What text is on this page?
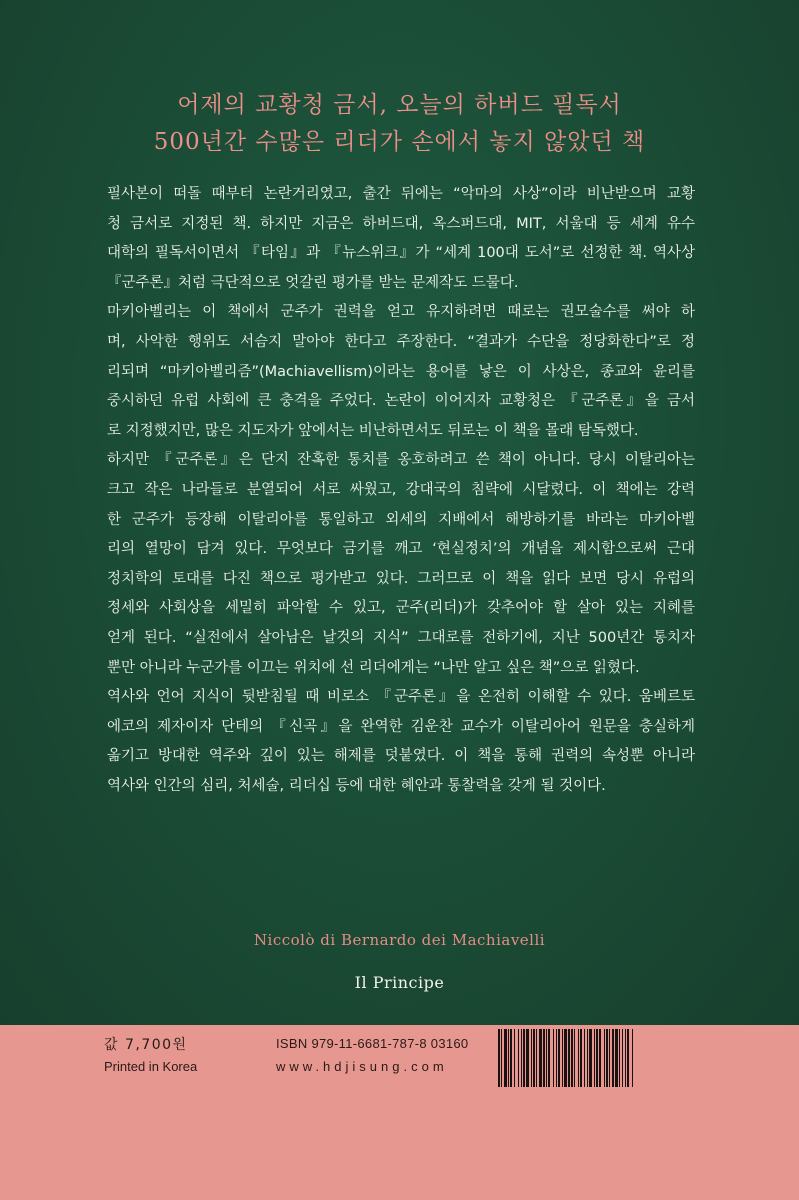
어제의 교황청 금서, 오늘의 하버드 필독서
500년간 수많은 리더가 손에서 놓지 않았던 책
필사본이 떠돌 때부터 논란거리였고, 출간 뒤에는 “악마의 사상”이라 비난받으며 교황
청 금서로 지정된 책. 하지만 지금은 하버드대, 옥스퍼드대, MIT, 서울대 등 세계 유수
대학의 필독서이면서 『타임』과 『뉴스위크』가 “세계 100대 도서”로 선정한 책. 역사상
『군주론』처럼 극단적으로 엇갈린 평가를 받는 문제작도 드물다.
마키아벨리는 이 책에서 군주가 권력을 얻고 유지하려면 때로는 권모술수를 써야 하
며, 사악한 행위도 서슴지 말아야 한다고 주장한다. “결과가 수단을 정당화한다”로 정
리되며 “마키아벨리즘”(Machiavellism)이라는 용어를 낳은 이 사상은, 종교와 윤리를
중시하던 유럽 사회에 큰 충격을 주었다. 논란이 이어지자 교황청은 『군주론』을 금서
로 지정했지만, 많은 지도자가 앞에서는 비난하면서도 뒤로는 이 책을 몰래 탐독했다.
하지만 『군주론』은 단지 잔혹한 통치를 옹호하려고 쓴 책이 아니다. 당시 이탈리아는
크고 작은 나라들로 분열되어 서로 싸웠고, 강대국의 침략에 시달렸다. 이 책에는 강력
한 군주가 등장해 이탈리아를 통일하고 외세의 지배에서 해방하기를 바라는 마키아벨
리의 열망이 담겨 있다. 무엇보다 금기를 깨고 ‘현실정치’의 개념을 제시함으로써 근대
정치학의 토대를 다진 책으로 평가받고 있다. 그러므로 이 책을 읽다 보면 당시 유럽의
정세와 사회상을 세밀히 파악할 수 있고, 군주(리더)가 갖추어야 할 살아 있는 지혜를
얻게 된다. “실전에서 살아남은 날것의 지식” 그대로를 전하기에, 지난 500년간 통치자
뿐만 아니라 누군가를 이끄는 위치에 선 리더에게는 “나만 알고 싶은 책”으로 읽혔다.
역사와 언어 지식이 뒷받침될 때 비로소 『군주론』을 온전히 이해할 수 있다. 움베르토
에코의 제자이자 단테의 『신곡』을 완역한 김운찬 교수가 이탈리아어 원문을 충실하게
옮기고 방대한 역주와 깊이 있는 해제를 덧붙였다. 이 책을 통해 권력의 속성뿐 아니라
역사와 인간의 심리, 처세술, 리더십 등에 대한 혜안과 통찰력을 갖게 될 것이다.
Niccolò di Bernardo dei Machiavelli
Il Principe
값 7,700원
Printed in Korea
ISBN 979-11-6681-787-8 03160
www.hdjisung.com
